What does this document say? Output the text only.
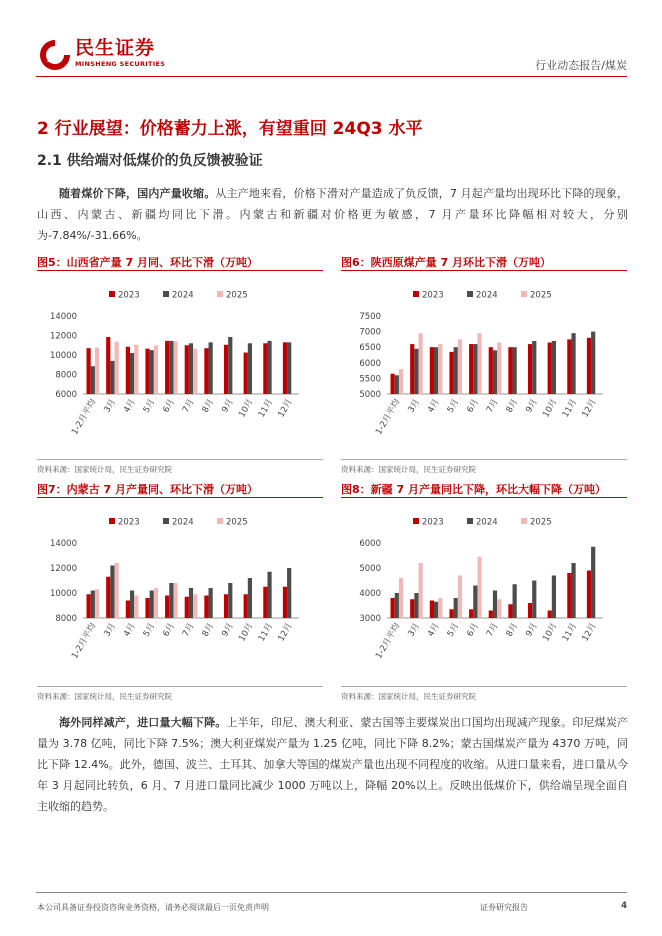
民生证券
MINSHENG SECURITIES	行业动态报告/煤炭
2 行业展望：价格蓄力上涨，有望重回 24Q3 水平
2.1 供给端对低煤价的负反馈被验证

随着煤价下降，国内产量收缩。从主产地来看，价格下滑对产量造成了负反馈，7 月起产量均出现环比下降的现象，山西、内蒙古、新疆均同比下滑。内蒙古和新疆对价格更为敏感，7 月产量环比降幅相对较大，分别为-7.84%/-31.66%。

图5：山西省产量 7 月同、环比下滑（万吨）	图6：陕西原煤产量 7 月环比下滑（万吨）
2023	2024	2025
6000
8000
10000
12000
14000
1-2月平均 3月 4月 5月 6月 7月 8月 9月 10月 11月 12月
2023	2024	2025
5000
5500
6000
6500
7000
7500
1-2月平均 3月 4月 5月 6月 7月 8月 9月 10月 11月 12月
资料来源：国家统计局，民生证券研究院	资料来源：国家统计局，民生证券研究院
图7：内蒙古 7 月产量同、环比下滑（万吨）	图8：新疆 7 月产量同比下降，环比大幅下降（万吨）
2023	2024	2025
8000
10000
12000
14000
1-2月平均 3月 4月 5月 6月 7月 8月 9月 10月 11月 12月
2023	2024	2025
3000
4000
5000
6000
1-2月平均 3月 4月 5月 6月 7月 8月 9月 10月 11月 12月
资料来源：国家统计局，民生证券研究院	资料来源：国家统计局，民生证券研究院

海外同样减产，进口量大幅下降。上半年，印尼、澳大利亚、蒙古国等主要煤炭出口国均出现减产现象。印尼煤炭产量为 3.78 亿吨，同比下降 7.5%；澳大利亚煤炭产量为 1.25 亿吨，同比下降 8.2%；蒙古国煤炭产量为 4370 万吨，同比下降 12.4%。此外，德国、波兰、土耳其、加拿大等国的煤炭产量也出现不同程度的收缩。从进口量来看，进口量从今年 3 月起同比转负，6 月、7 月进口量同比减少 1000 万吨以上，降幅 20%以上。反映出低煤价下，供给端呈现全面自主收缩的趋势。

本公司具备证券投资咨询业务资格，请务必阅读最后一页免责声明	证券研究报告	4
